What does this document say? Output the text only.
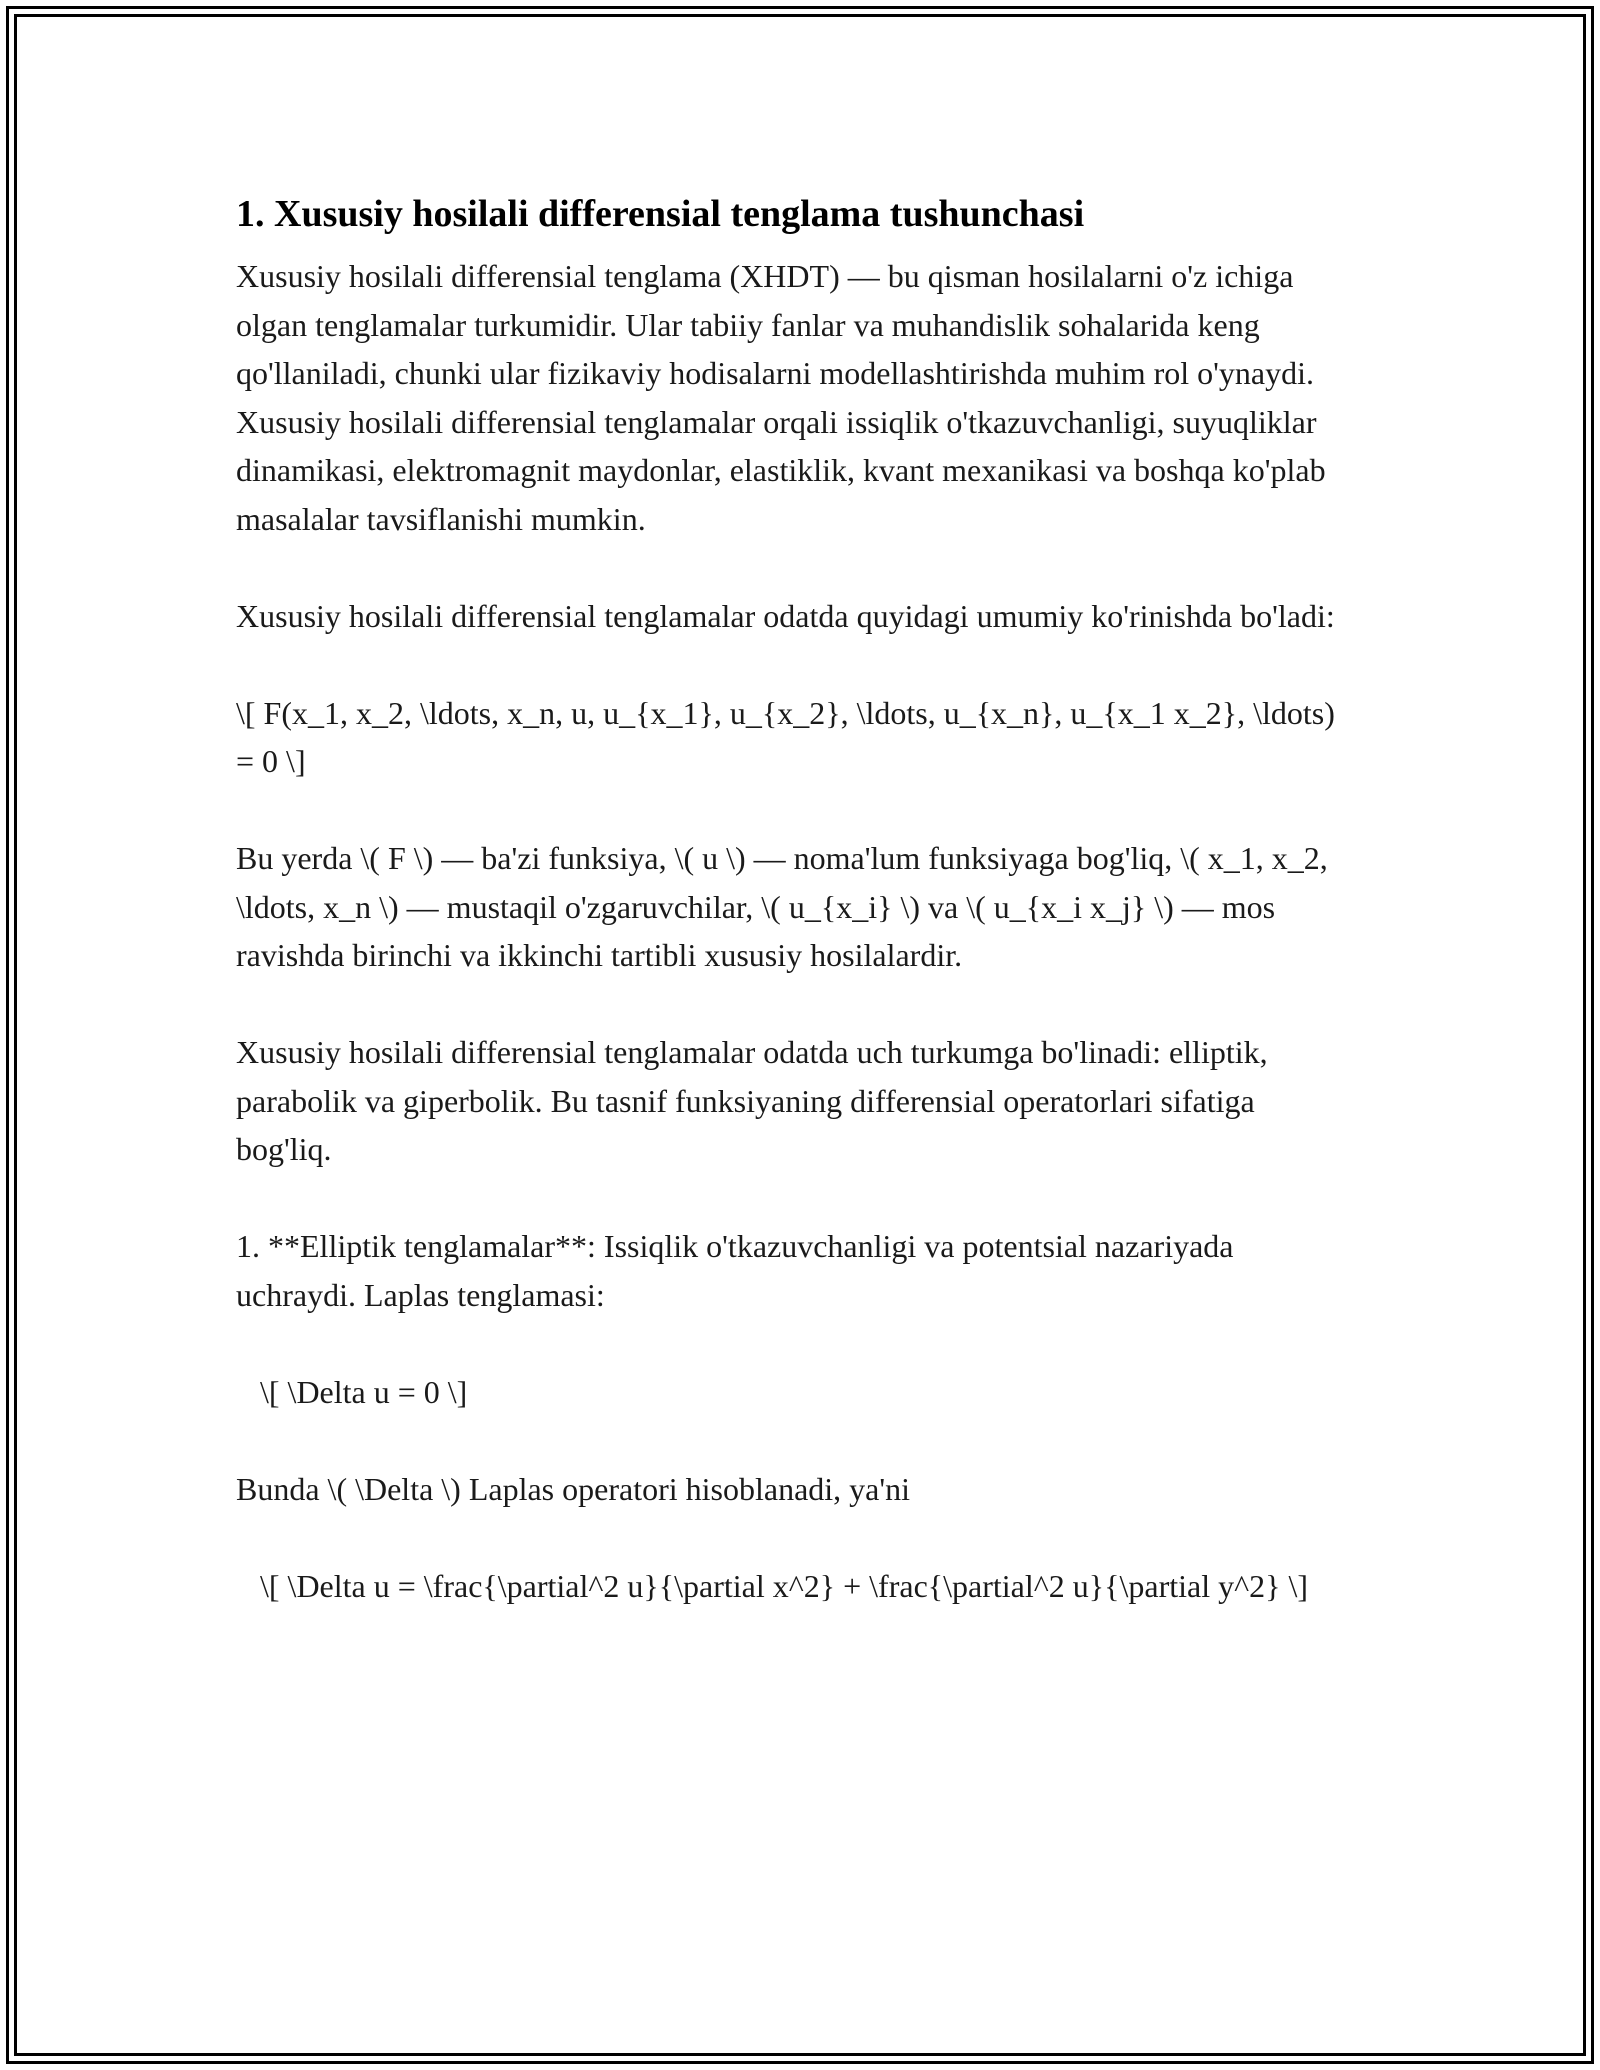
1. Xususiy hosilali differensial tenglama tushunchasi

Xususiy hosilali differensial tenglama (XHDT) — bu qisman hosilalarni o'z ichiga olgan tenglamalar turkumidir. Ular tabiiy fanlar va muhandislik sohalarida keng qo'llaniladi, chunki ular fizikaviy hodisalarni modellashtirishda muhim rol o'ynaydi. Xususiy hosilali differensial tenglamalar orqali issiqlik o'tkazuvchanligi, suyuqliklar dinamikasi, elektromagnit maydonlar, elastiklik, kvant mexanikasi va boshqa ko'plab masalalar tavsiflanishi mumkin.

Xususiy hosilali differensial tenglamalar odatda quyidagi umumiy ko'rinishda bo'ladi:

\[ F(x_1, x_2, \ldots, x_n, u, u_{x_1}, u_{x_2}, \ldots, u_{x_n}, u_{x_1 x_2}, \ldots) = 0 \]

Bu yerda \( F \) — ba'zi funksiya, \( u \) — noma'lum funksiyaga bog'liq, \( x_1, x_2, \ldots, x_n \) — mustaqil o'zgaruvchilar, \( u_{x_i} \) va \( u_{x_i x_j} \) — mos ravishda birinchi va ikkinchi tartibli xususiy hosilalardir.

Xususiy hosilali differensial tenglamalar odatda uch turkumga bo'linadi: elliptik, parabolik va giperbolik. Bu tasnif funksiyaning differensial operatorlari sifatiga bog'liq.

1. **Elliptik tenglamalar**: Issiqlik o'tkazuvchanligi va potentsial nazariyada uchraydi. Laplas tenglamasi:

\[ \Delta u = 0 \]

Bunda \( \Delta \) Laplas operatori hisoblanadi, ya'ni

\[ \Delta u = \frac{\partial^2 u}{\partial x^2} + \frac{\partial^2 u}{\partial y^2} \]
